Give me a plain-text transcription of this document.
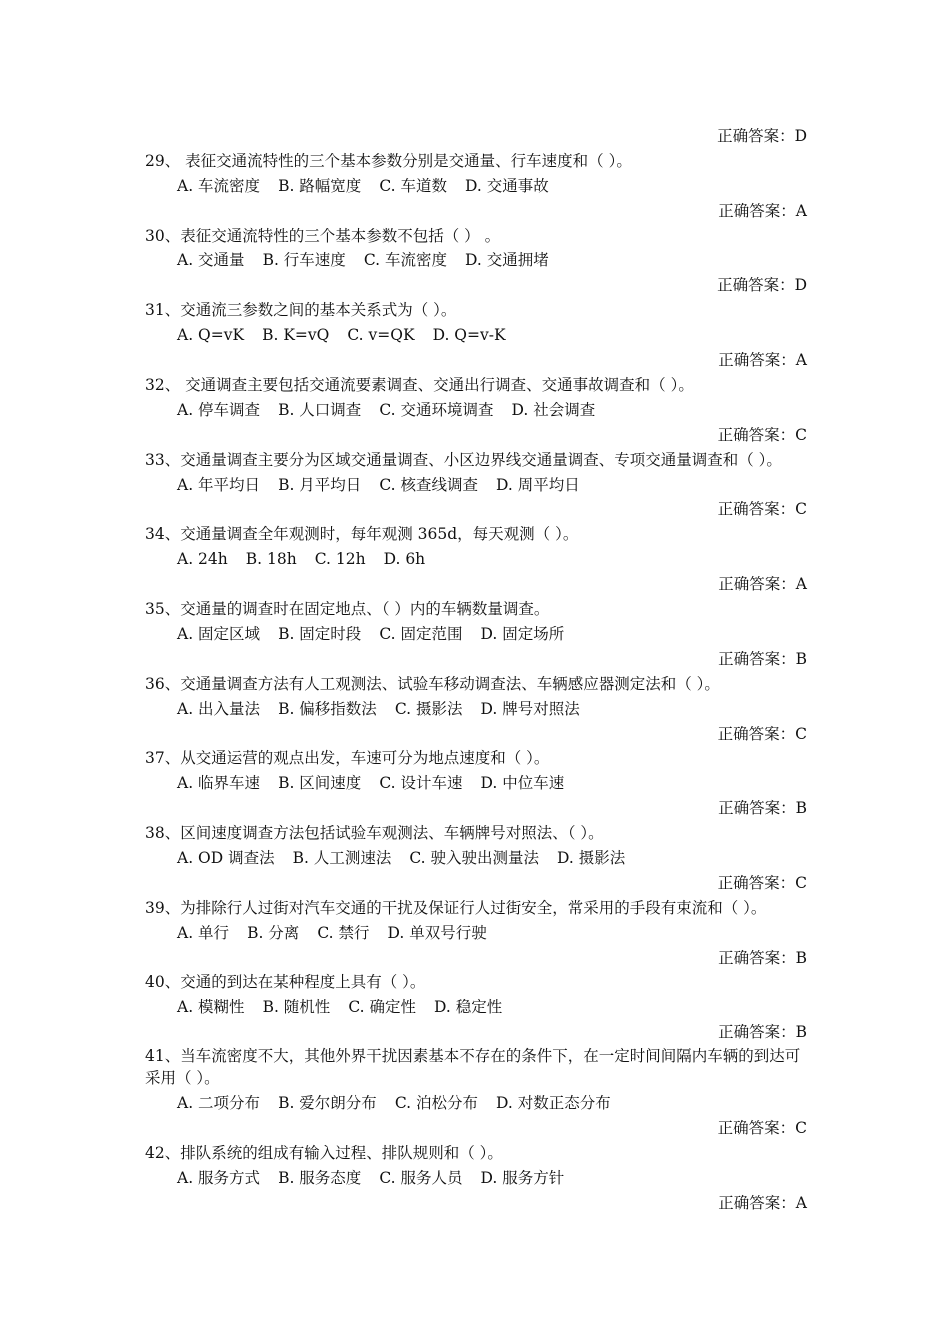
正确答案：D
29、 表征交通流特性的三个基本参数分别是交通量、行车速度和（ ）。
A. 车流密度 B. 路幅宽度 C. 车道数 D. 交通事故
正确答案：A
30、表征交通流特性的三个基本参数不包括（ ） 。
A. 交通量 B. 行车速度 C. 车流密度 D. 交通拥堵
正确答案：D
31、交通流三参数之间的基本关系式为（ ）。
A. Q=vK B. K=vQ C. v=QK D. Q=v-K
正确答案：A
32、 交通调查主要包括交通流要素调查、交通出行调查、交通事故调查和（ ）。
A. 停车调查 B. 人口调查 C. 交通环境调查 D. 社会调查
正确答案：C
33、交通量调查主要分为区域交通量调查、小区边界线交通量调查、专项交通量调查和（ ）。
A. 年平均日 B. 月平均日 C. 核查线调查 D. 周平均日
正确答案：C
34、交通量调查全年观测时，每年观测 365d，每天观测（ ）。
A. 24h B. 18h C. 12h D. 6h
正确答案：A
35、交通量的调查时在固定地点、（ ）内的车辆数量调查。
A. 固定区域 B. 固定时段 C. 固定范围 D. 固定场所
正确答案：B
36、交通量调查方法有人工观测法、试验车移动调查法、车辆感应器测定法和（ ）。
A. 出入量法 B. 偏移指数法 C. 摄影法 D. 牌号对照法
正确答案：C
37、从交通运营的观点出发，车速可分为地点速度和（ ）。
A. 临界车速 B. 区间速度 C. 设计车速 D. 中位车速
正确答案：B
38、区间速度调查方法包括试验车观测法、车辆牌号对照法、（ ）。
A. OD 调查法 B. 人工测速法 C. 驶入驶出测量法 D. 摄影法
正确答案：C
39、为排除行人过街对汽车交通的干扰及保证行人过街安全，常采用的手段有束流和（ ）。
A. 单行 B. 分离 C. 禁行 D. 单双号行驶
正确答案：B
40、交通的到达在某种程度上具有（ ）。
A. 模糊性 B. 随机性 C. 确定性 D. 稳定性
正确答案：B
41、当车流密度不大，其他外界干扰因素基本不存在的条件下，在一定时间间隔内车辆的到达可采用（ ）。
A. 二项分布 B. 爱尔朗分布 C. 泊松分布 D. 对数正态分布
正确答案：C
42、排队系统的组成有输入过程、排队规则和（ ）。
A. 服务方式 B. 服务态度 C. 服务人员 D. 服务方针
正确答案：A
